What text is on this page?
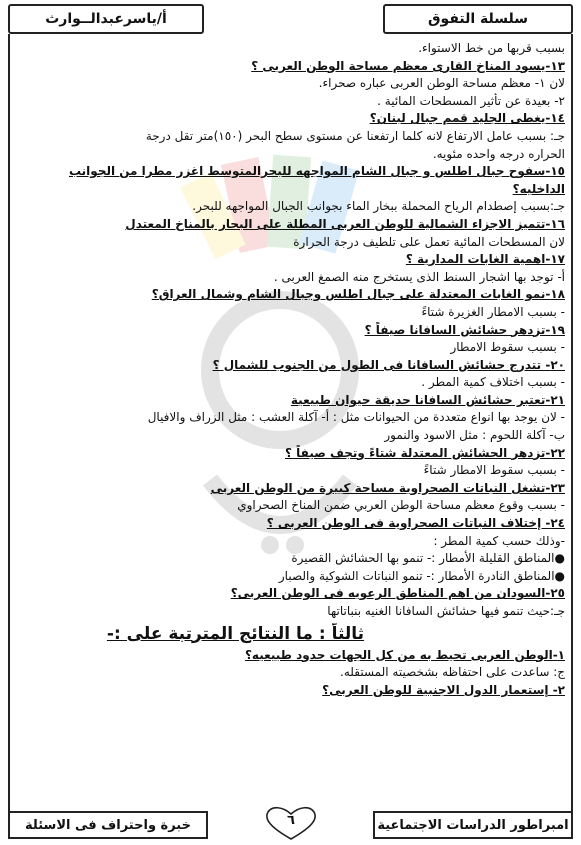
سلسلة التفوق
أ/ياسرعبدالــوارث
بسبب قربها من خط الاستواء.
١٣-يسود المناخ القارى معظم مساحة الوطن العربى ؟
لان ١- معظم مساحة الوطن العربى عباره صحراء.
٢- بعيدة عن تأثير المسطحات المائية .
١٤-يغطى الجليد قمم جبال لبنان؟
جـ: بسبب عامل الارتفاع لانه كلما ارتفعنا عن مستوى سطح البحر (١٥٠)متر تقل درجة
الحراره درجه واحده مئويه.
١٥-سفوح جبال اطلس و جبال الشام المواجهه للبحرالمتوسط اغزر مطرا من الجوانب
الداخليه؟
جـ:بسبب إصطدام الرياح المحملة ببخار الماء بجوانب الجبال المواجهه للبحر.
١٦-تتميز الاجزاء الشمالية للوطن العربى المطلة على البحار بالمناخ المعتدل
لان المسطحات المائية تعمل على تلطيف درجة الحرارة
١٧-اهمية الغابات المدارية ؟
أ- توجد بها اشجار السنط الذى يستخرج منه الصمغ العربى .
١٨-نمو الغابات المعتدلة على جبال اطلس وجبال الشام وشمال العراق؟
- بسبب الامطار الغزيرة شتاءً
١٩-تزدهر حشائش السافانا صيفاً ؟
- بسبب سقوط الامطار
٢٠- تتدرج حشائش السافانا فى الطول من الجنوب للشمال ؟
- بسبب اختلاف كمية المطر .
٢١-تعتبر حشائش السافانا حديقة حيوان طبيعية
- لان يوجد بها انواع متعددة من الحيوانات مثل : أ- آكلة العشب : مثل الزراف والافيال
ب- آكلة اللحوم : مثل الاسود والنمور
٢٢-تزدهر الحشائش المعتدلة شتاءً وتجف صيفاً ؟
- بسبب سقوط الامطار شتاءً
٢٣-تشغل النباتات الصحراوية مساحة كبيرة من الوطن العربى
- بسبب وقوع معظم مساحة الوطن العربي ضمن المناخ الصحراوي
٢٤- إختلاف النباتات الصحراوية فى الوطن العربى ؟
-وذلك حسب كمية المطر :
●المناطق القليلة الأمطار :- تنمو بها الحشائش القصيرة
●المناطق النادرة الأمطار :- تنمو النباتات الشوكية والصبار
٢٥-السودان من اهم المناطق الرعويه فى الوطن العربى؟
جـ:حيث تنمو فيها حشائش السافانا الغنيه بنباتاتها
ثالثاً : ما النتائج المترتبة على :-
١-الوطن العربى تحيط به من كل الجهات حدود طبيعيه؟
ج: ساعدت على احتفاظه بشخصيته المستقله.
٢- إستعمار الدول الاجنبية للوطن العربى؟
خبرة واحتراف فى الاسئلة	امبراطور الدراسات الاجتماعية
٦
